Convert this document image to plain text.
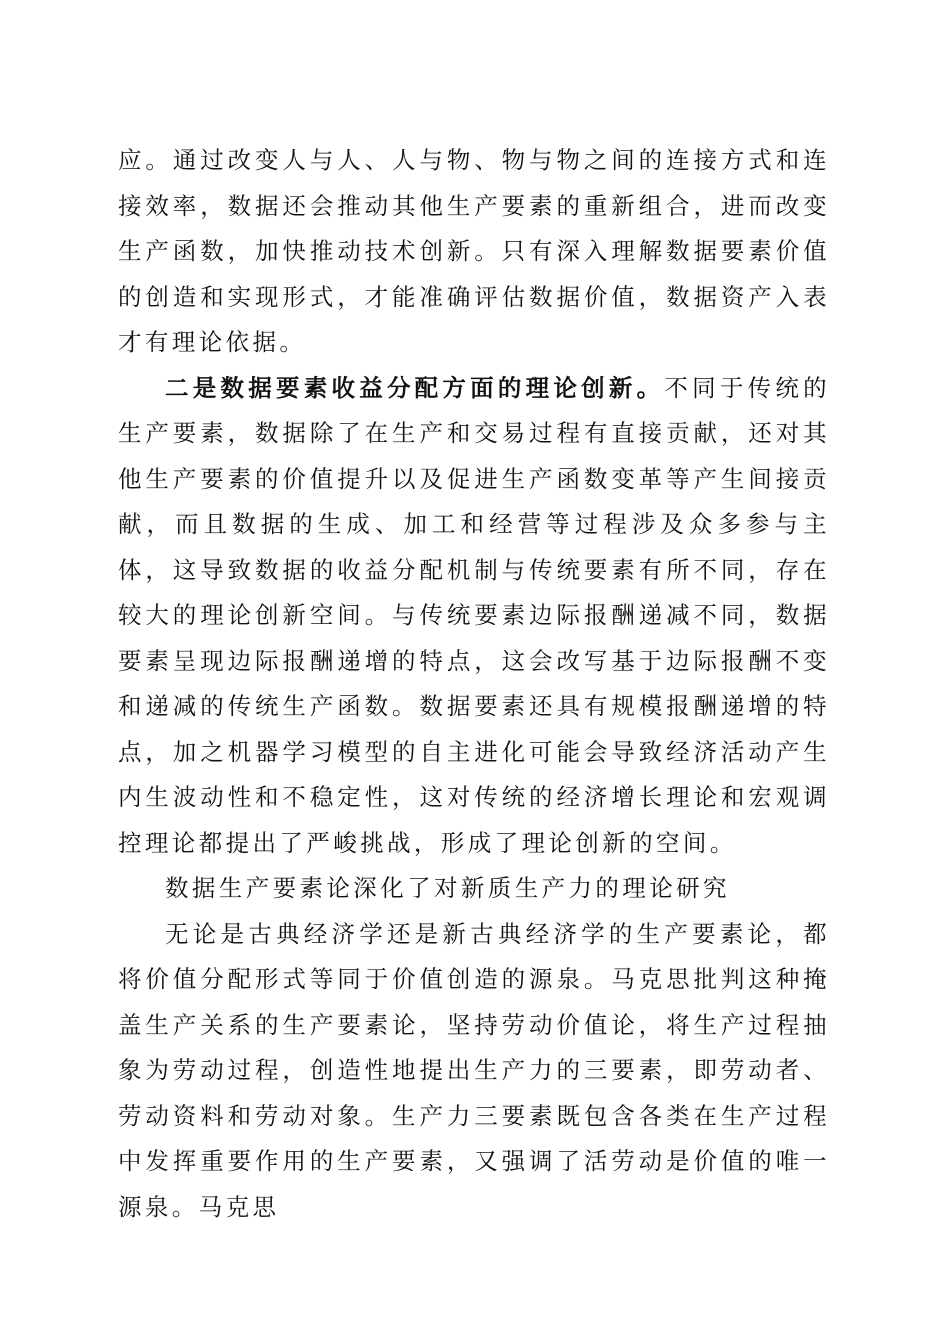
应。通过改变人与人、人与物、物与物之间的连接方式和连接效率，数据还会推动其他生产要素的重新组合，进而改变生产函数，加快推动技术创新。只有深入理解数据要素价值的创造和实现形式，才能准确评估数据价值，数据资产入表才有理论依据。

二是数据要素收益分配方面的理论创新。不同于传统的生产要素，数据除了在生产和交易过程有直接贡献，还对其他生产要素的价值提升以及促进生产函数变革等产生间接贡献，而且数据的生成、加工和经营等过程涉及众多参与主体，这导致数据的收益分配机制与传统要素有所不同，存在较大的理论创新空间。与传统要素边际报酬递减不同，数据要素呈现边际报酬递增的特点，这会改写基于边际报酬不变和递减的传统生产函数。数据要素还具有规模报酬递增的特点，加之机器学习模型的自主进化可能会导致经济活动产生内生波动性和不稳定性，这对传统的经济增长理论和宏观调控理论都提出了严峻挑战，形成了理论创新的空间。

数据生产要素论深化了对新质生产力的理论研究

无论是古典经济学还是新古典经济学的生产要素论，都将价值分配形式等同于价值创造的源泉。马克思批判这种掩盖生产关系的生产要素论，坚持劳动价值论，将生产过程抽象为劳动过程，创造性地提出生产力的三要素，即劳动者、劳动资料和劳动对象。生产力三要素既包含各类在生产过程中发挥重要作用的生产要素，又强调了活劳动是价值的唯一源泉。马克思
